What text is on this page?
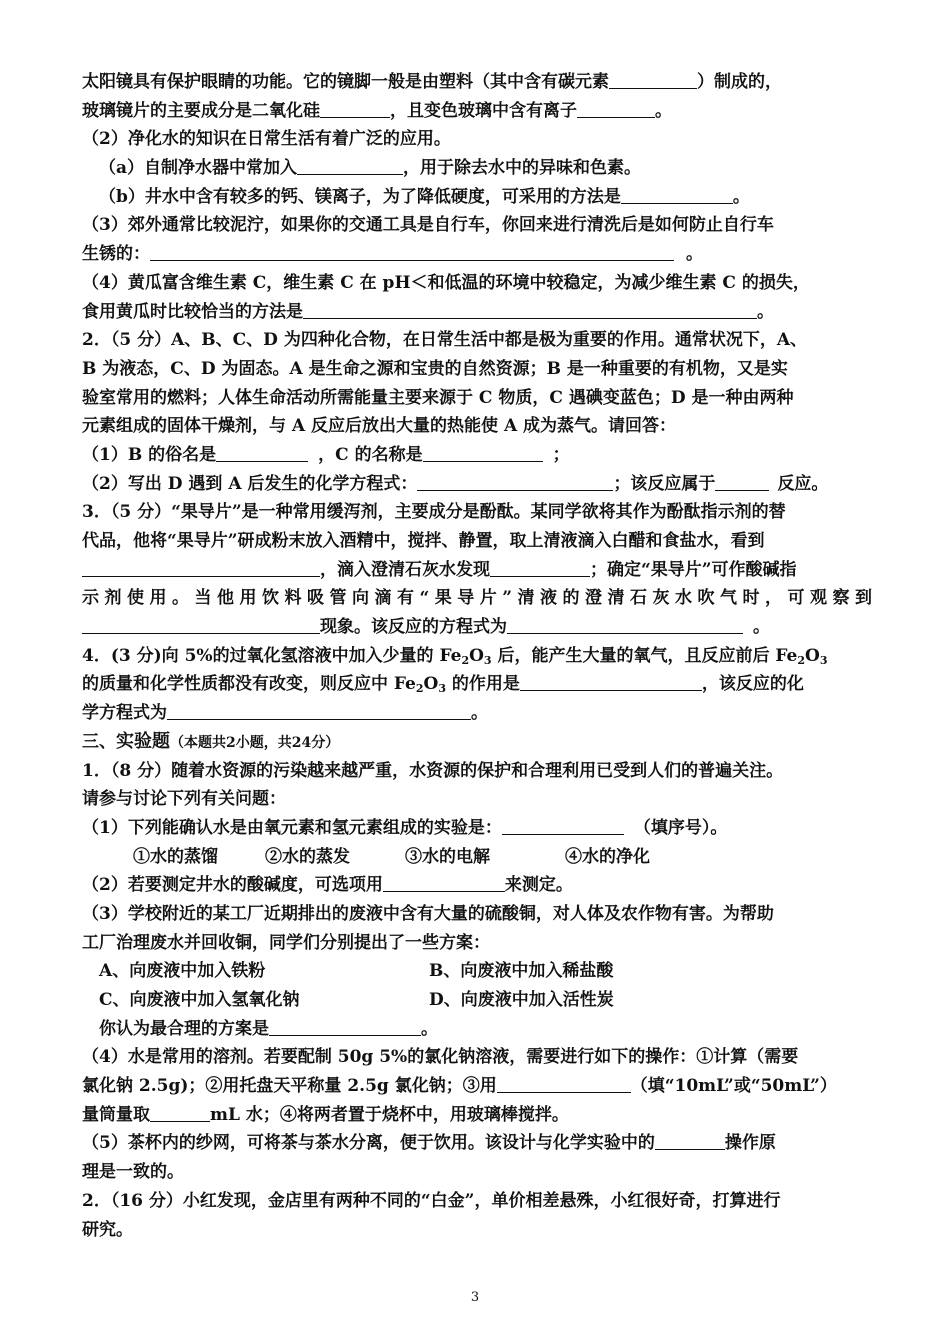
太阳镜具有保护眼睛的功能。它的镜脚一般是由塑料（其中含有碳元素	）制成的，
玻璃镜片的主要成分是二氧化硅	，且变色玻璃中含有离子	。
（2）净化水的知识在日常生活有着广泛的应用。
（a）自制净水器中常加入	，用于除去水中的异味和色素。
（b）井水中含有较多的钙、镁离子，为了降低硬度，可采用的方法是	。
（3）郊外通常比较泥泞，如果你的交通工具是自行车，你回来进行清洗后是如何防止自行车
生锈的：	。
（4）黄瓜富含维生素 C，维生素 C 在 pH＜和低温的环境中较稳定，为减少维生素 C 的损失，
食用黄瓜时比较恰当的方法是	。
2．（5 分）A、B、C、D 为四种化合物，在日常生活中都是极为重要的作用。通常状况下，A、
B 为液态，C、D 为固态。A 是生命之源和宝贵的自然资源；B 是一种重要的有机物，又是实
验室常用的燃料；人体生命活动所需能量主要来源于 C 物质，C 遇碘变蓝色；D 是一种由两种
元素组成的固体干燥剂，与 A 反应后放出大量的热能使 A 成为蒸气。请回答：
（1）B 的俗名是	，C 的名称是	；
（2）写出 D 遇到 A 后发生的化学方程式：	；该反应属于	反应。
3．（5 分）“果导片”是一种常用缓泻剂，主要成分是酚酞。某同学欲将其作为酚酞指示剂的替
代品，他将“果导片”研成粉末放入酒精中，搅拌、静置，取上清液滴入白醋和食盐水，看到
，滴入澄清石灰水发现	；确定“果导片”可作酸碱指
示剂使用。当他用饮料吸管向滴有“果导片”清液的澄清石灰水吹气时，可观察到
现象。该反应的方程式为	。
4．(3 分)向 5%的过氧化氢溶液中加入少量的 $Fe_2O_3$ 后，能产生大量的氧气，且反应前后 $Fe_2O_3$
的质量和化学性质都没有改变，则反应中 $Fe_2O_3$ 的作用是	，该反应的化
学方程式为	。
三、实验题（本题共2小题，共24分）
1．（8 分）随着水资源的污染越来越严重，水资源的保护和合理利用已受到人们的普遍关注。
请参与讨论下列有关问题：
（1）下列能确认水是由氧元素和氢元素组成的实验是：	（填序号）。
①水的蒸馏	②水的蒸发	③水的电解	④水的净化
（2）若要测定井水的酸碱度，可选项用	来测定。
（3）学校附近的某工厂近期排出的废液中含有大量的硫酸铜，对人体及农作物有害。为帮助
工厂治理废水并回收铜，同学们分别提出了一些方案：
A、向废液中加入铁粉	B、向废液中加入稀盐酸
C、向废液中加入氢氧化钠	D、向废液中加入活性炭
你认为最合理的方案是	。
（4）水是常用的溶剂。若要配制 50g 5%的氯化钠溶液，需要进行如下的操作：①计算（需要
氯化钠 2.5g)；②用托盘天平称量 2.5g 氯化钠；③用	（填“10mL”或“50mL”）
量筒量取	mL 水；④将两者置于烧杯中，用玻璃棒搅拌。
（5）茶杯内的纱网，可将茶与茶水分离，便于饮用。该设计与化学实验中的	操作原
理是一致的。
2．（16 分）小红发现，金店里有两种不同的“白金”，单价相差悬殊，小红很好奇，打算进行
研究。
3
